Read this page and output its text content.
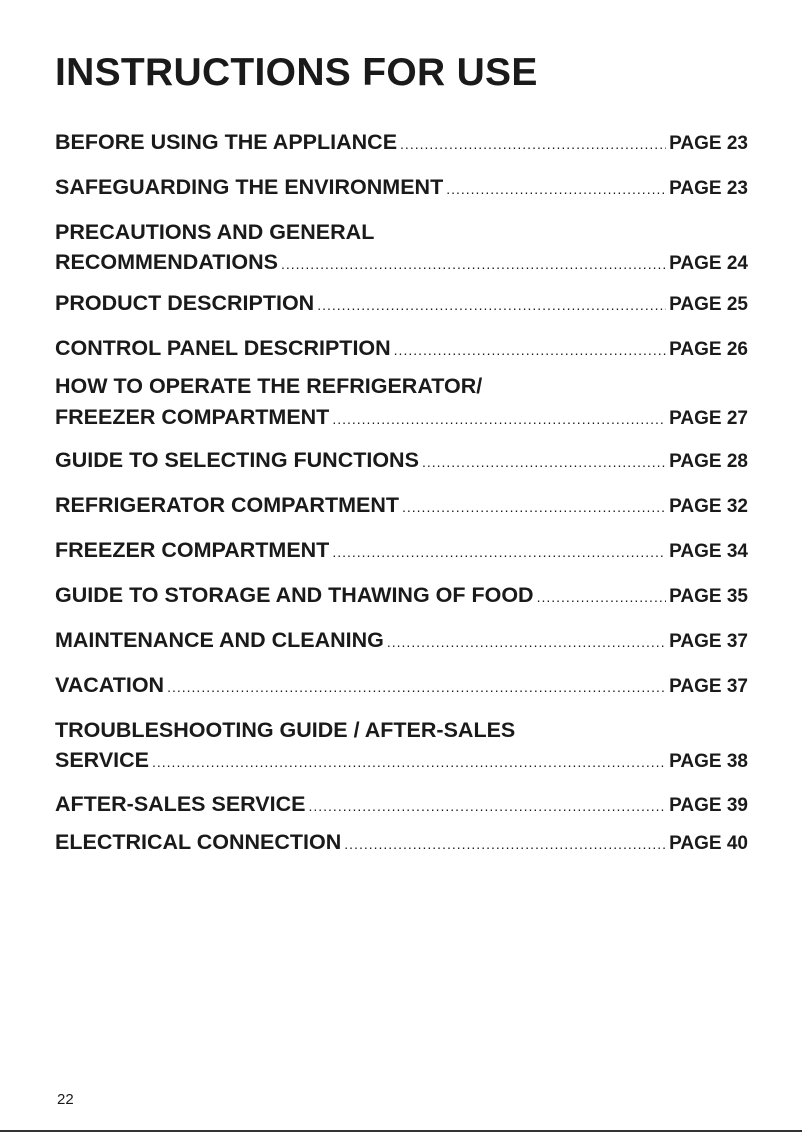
INSTRUCTIONS FOR USE
BEFORE USING THE APPLIANCE .....	PAGE 23
SAFEGUARDING THE ENVIRONMENT .....	PAGE 23
PRECAUTIONS AND GENERAL
RECOMMENDATIONS .....	PAGE 24
PRODUCT DESCRIPTION .....	PAGE 25
CONTROL PANEL DESCRIPTION .....	PAGE 26
HOW TO OPERATE THE REFRIGERATOR/
FREEZER COMPARTMENT .....	PAGE 27
GUIDE TO SELECTING FUNCTIONS .....	PAGE 28
REFRIGERATOR COMPARTMENT .....	PAGE 32
FREEZER COMPARTMENT .....	PAGE 34
GUIDE TO STORAGE AND THAWING OF FOOD .....	PAGE 35
MAINTENANCE AND CLEANING .....	PAGE 37
VACATION .....	PAGE 37
TROUBLESHOOTING GUIDE / AFTER-SALES
SERVICE .....	PAGE 38
AFTER-SALES SERVICE .....	PAGE 39
ELECTRICAL CONNECTION .....	PAGE 40
22
